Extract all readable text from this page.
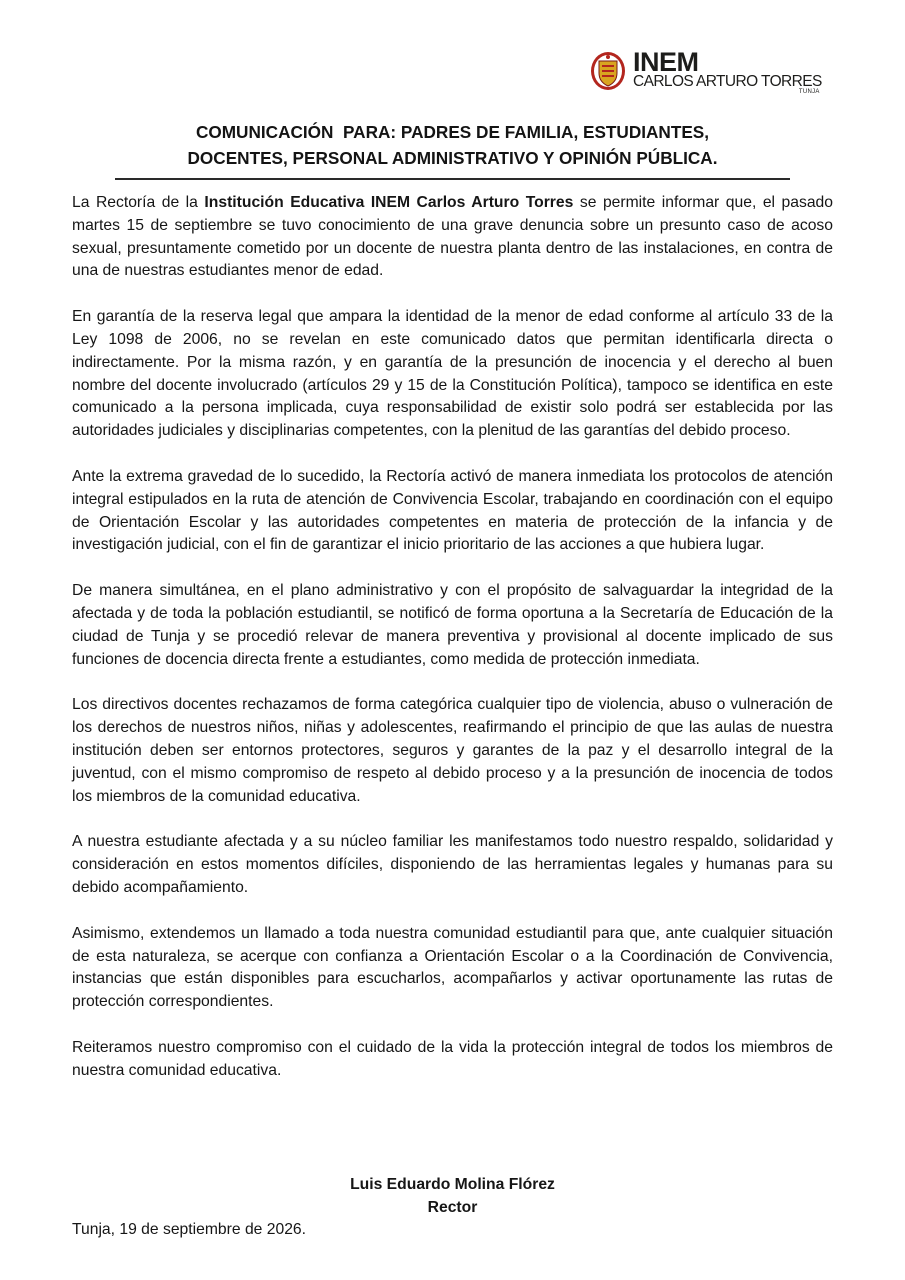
INEM
CARLOS ARTURO TORRES
TUNJA
COMUNICACIÓN  PARA: PADRES DE FAMILIA, ESTUDIANTES,
DOCENTES, PERSONAL ADMINISTRATIVO Y OPINIÓN PÚBLICA.

La Rectoría de la Institución Educativa INEM Carlos Arturo Torres se permite informar que, el pasado martes 15 de septiembre se tuvo conocimiento de una grave denuncia sobre un presunto caso de acoso  sexual, presuntamente cometido por un docente de nuestra planta dentro de las instalaciones, en contra de una de nuestras estudiantes menor de edad.

En garantía de la reserva legal que ampara la identidad de la menor de edad conforme al artículo 33 de la Ley 1098 de 2006, no se revelan en este comunicado datos que permitan identificarla directa o indirectamente. Por la misma razón, y en garantía de la presunción de inocencia y el derecho al buen nombre del docente involucrado (artículos 29 y 15 de la Constitución Política), tampoco se identifica en este comunicado a la persona implicada, cuya responsabilidad de existir solo podrá ser establecida por las autoridades judiciales y disciplinarias competentes, con la plenitud de las garantías del debido proceso.

Ante la extrema gravedad de lo sucedido, la Rectoría activó de manera inmediata los protocolos de atención integral estipulados en la ruta de atención de Convivencia Escolar, trabajando en coordinación con el equipo de Orientación Escolar y las autoridades competentes en materia de protección de la infancia y de investigación judicial, con el fin de garantizar el inicio prioritario de las acciones a que hubiera lugar.

De manera simultánea, en el plano administrativo y con el propósito de salvaguardar la integridad de la afectada y de toda la población estudiantil, se notificó de forma oportuna a la Secretaría de Educación de la ciudad de Tunja y se procedió relevar de manera preventiva y provisional al docente implicado de sus funciones de docencia directa frente a estudiantes, como medida de protección inmediata.

Los directivos docentes rechazamos de forma categórica cualquier tipo de violencia, abuso o vulneración de los derechos de nuestros niños, niñas y adolescentes, reafirmando el principio de que las aulas de nuestra institución deben ser entornos protectores, seguros y garantes de la paz y el desarrollo integral de la juventud, con el mismo compromiso de respeto al debido proceso y a la presunción de inocencia de todos los miembros de la comunidad educativa.

A nuestra estudiante afectada y a su núcleo familiar les manifestamos todo nuestro respaldo, solidaridad y consideración en estos momentos difíciles, disponiendo de las herramientas legales y humanas para su debido acompañamiento.

Asimismo, extendemos un llamado a toda nuestra comunidad estudiantil para que, ante cualquier situación de esta naturaleza, se acerque con confianza a Orientación Escolar o a la Coordinación de Convivencia, instancias que están disponibles para escucharlos, acompañarlos y activar oportunamente las rutas de protección correspondientes.

Reiteramos nuestro compromiso con el cuidado de la vida la protección integral de todos los miembros de nuestra comunidad educativa.

Luis Eduardo Molina Flórez
Rector
Tunja, 19 de septiembre de 2026.
